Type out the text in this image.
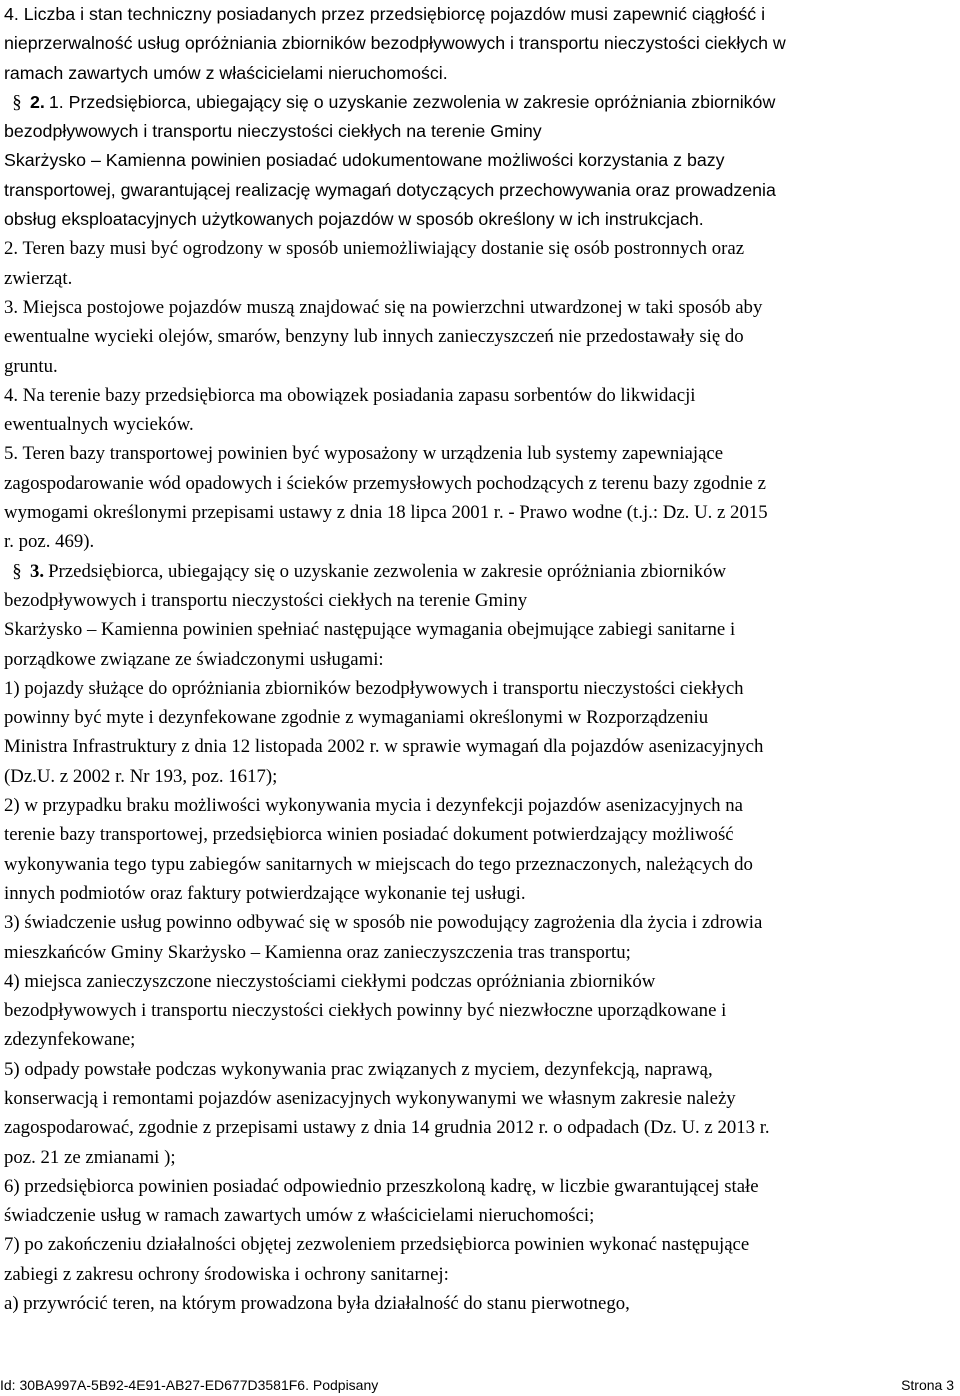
4. Liczba i stan techniczny posiadanych przez przedsiębiorcę pojazdów musi zapewnić ciągłość i
nieprzerwalność usług opróżniania zbiorników bezodpływowych i transportu nieczystości ciekłych w
ramach zawartych umów z właścicielami nieruchomości.
§ 2. 1. Przedsiębiorca, ubiegający się o uzyskanie zezwolenia w zakresie opróżniania zbiorników
bezodpływowych i transportu nieczystości ciekłych na terenie Gminy
Skarżysko – Kamienna powinien posiadać udokumentowane możliwości korzystania z bazy
transportowej, gwarantującej realizację wymagań dotyczących przechowywania oraz prowadzenia
obsług eksploatacyjnych użytkowanych pojazdów w sposób określony w ich instrukcjach.
2. Teren bazy musi być ogrodzony w sposób uniemożliwiający dostanie się osób postronnych oraz
zwierząt.
3. Miejsca postojowe pojazdów muszą znajdować się na powierzchni utwardzonej w taki sposób aby
ewentualne wycieki olejów, smarów, benzyny lub innych zanieczyszczeń nie przedostawały się do
gruntu.
4. Na terenie bazy przedsiębiorca ma obowiązek posiadania zapasu sorbentów do likwidacji
ewentualnych wycieków.
5. Teren bazy transportowej powinien być wyposażony w urządzenia lub systemy zapewniające
zagospodarowanie wód opadowych i ścieków przemysłowych pochodzących z terenu bazy zgodnie z
wymogami określonymi przepisami ustawy z dnia 18 lipca 2001 r. - Prawo wodne (t.j.: Dz. U. z 2015
r. poz. 469).
§ 3. Przedsiębiorca, ubiegający się o uzyskanie zezwolenia w zakresie opróżniania zbiorników
bezodpływowych i transportu nieczystości ciekłych na terenie Gminy
Skarżysko – Kamienna powinien spełniać następujące wymagania obejmujące zabiegi sanitarne i
porządkowe związane ze świadczonymi usługami:
1) pojazdy służące do opróżniania zbiorników bezodpływowych i transportu nieczystości ciekłych
powinny być myte i dezynfekowane zgodnie z wymaganiami określonymi w Rozporządzeniu
Ministra Infrastruktury z dnia 12 listopada 2002 r. w sprawie wymagań dla pojazdów asenizacyjnych
(Dz.U. z 2002 r. Nr 193, poz. 1617);
2) w przypadku braku możliwości wykonywania mycia i dezynfekcji pojazdów asenizacyjnych na
terenie bazy transportowej, przedsiębiorca winien posiadać dokument potwierdzający możliwość
wykonywania tego typu zabiegów sanitarnych w miejscach do tego przeznaczonych, należących do
innych podmiotów oraz faktury potwierdzające wykonanie tej usługi.
3) świadczenie usług powinno odbywać się w sposób nie powodujący zagrożenia dla życia i zdrowia
mieszkańców Gminy Skarżysko – Kamienna oraz zanieczyszczenia tras transportu;
4) miejsca zanieczyszczone nieczystościami ciekłymi podczas opróżniania zbiorników
bezodpływowych i transportu nieczystości ciekłych powinny być niezwłoczne uporządkowane i
zdezynfekowane;
5) odpady powstałe podczas wykonywania prac związanych z myciem, dezynfekcją, naprawą,
konserwacją i remontami pojazdów asenizacyjnych wykonywanymi we własnym zakresie należy
zagospodarować, zgodnie z przepisami ustawy z dnia 14 grudnia 2012 r. o odpadach (Dz. U. z 2013 r.
poz. 21 ze zmianami );
6) przedsiębiorca powinien posiadać odpowiednio przeszkoloną kadrę, w liczbie gwarantującej stałe
świadczenie usług w ramach zawartych umów z właścicielami nieruchomości;
7) po zakończeniu działalności objętej zezwoleniem przedsiębiorca powinien wykonać następujące
zabiegi z zakresu ochrony środowiska i ochrony sanitarnej:
a) przywrócić teren, na którym prowadzona była działalność do stanu pierwotnego,
Id: 30BA997A-5B92-4E91-AB27-ED677D3581F6. Podpisany	Strona 3
